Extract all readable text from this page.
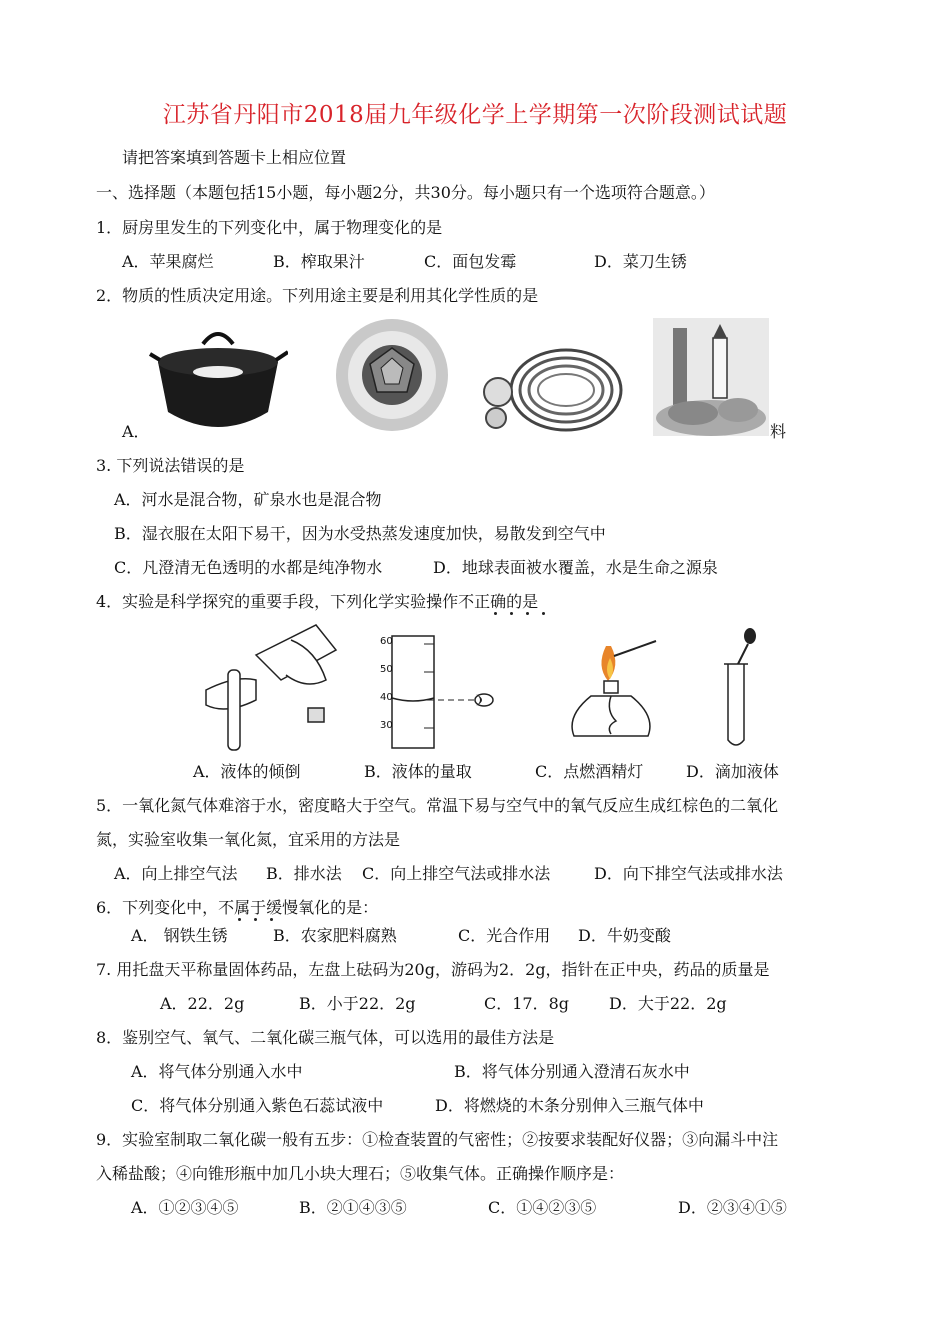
江苏省丹阳市2018届九年级化学上学期第一次阶段测试试题
请把答案填到答题卡上相应位置
一、选择题（本题包括15小题，每小题2分，共30分。每小题只有一个选项符合题意。）
1．厨房里发生的下列变化中，属于物理变化的是
A．苹果腐烂	B．榨取果汁	C．面包发霉	D．菜刀生锈
2．物质的性质决定用途。下列用途主要是利用其化学性质的是
A．	料
3. 下列说法错误的是
A．河水是混合物，矿泉水也是混合物
B．湿衣服在太阳下易干，因为水受热蒸发速度加快，易散发到空气中
C．凡澄清无色透明的水都是纯净物水	D．地球表面被水覆盖，水是生命之源泉
4．实验是科学探究的重要手段，下列化学实验操作不正确的是
60
50
40
30
A．液体的倾倒	B．液体的量取	C．点燃酒精灯	D．滴加液体
5．一氧化氮气体难溶于水，密度略大于空气。常温下易与空气中的氧气反应生成红棕色的二氧化
氮，实验室收集一氧化氮，宜采用的方法是
A．向上排空气法 B．排水法 C．向上排空气法或排水法	D．向下排空气法或排水法
6．下列变化中，不属于缓慢氧化的是：
A． 钢铁生锈	B．农家肥料腐熟	C．光合作用 D．牛奶变酸
7. 用托盘天平称量固体药品，左盘上砝码为20g，游码为2．2g，指针在正中央，药品的质量是
A．22．2g	B．小于22．2g	C．17．8g D．大于22．2g
8．鉴别空气、氧气、二氧化碳三瓶气体，可以选用的最佳方法是
A．将气体分别通入水中	B．将气体分别通入澄清石灰水中
C．将气体分别通入紫色石蕊试液中	D．将燃烧的木条分别伸入三瓶气体中
9．实验室制取二氧化碳一般有五步：①检查装置的气密性；②按要求装配好仪器；③向漏斗中注
入稀盐酸；④向锥形瓶中加几小块大理石；⑤收集气体。正确操作顺序是：
A．①②③④⑤	B．②①④③⑤	C．①④②③⑤	D．②③④①⑤
